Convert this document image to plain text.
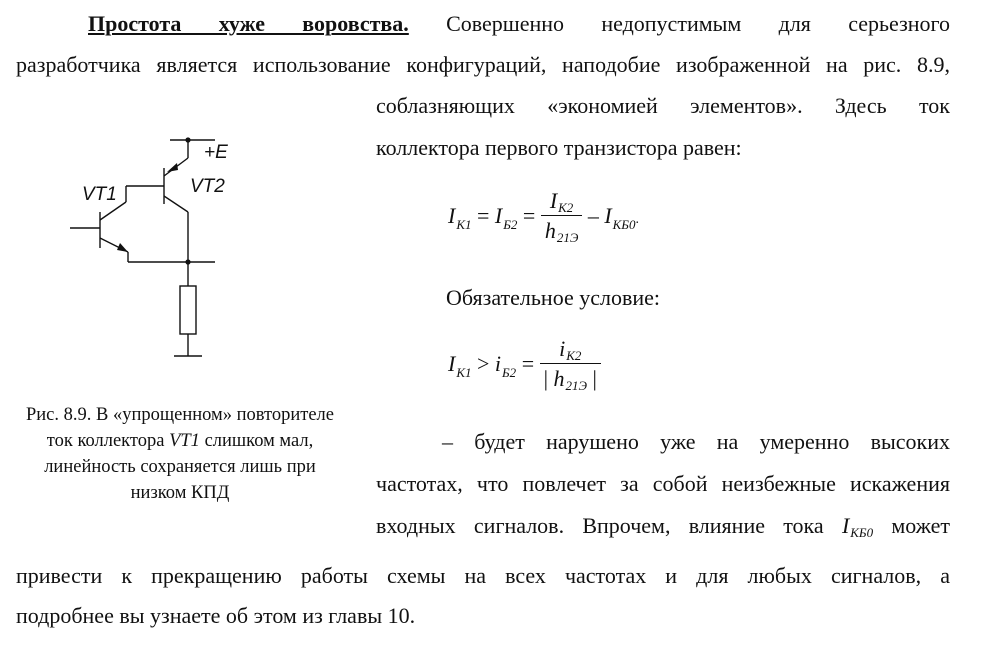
Простота хуже воровства. Совершенно недопустимым для серьезного
разработчика является использование конфигураций, наподобие изображенной на рис. 8.9,
соблазняющих «экономией элементов». Здесь ток
коллектора первого транзистора равен:
$I_{К1} = I_{Б2} = \frac{IK2}{h21Э} - I_{КБ0}$.
Обязательное условие:
$I_{К1} > i_{Б2} = \frac{iK2}{| h21Э |}$
– будет нарушено уже на умеренно высоких
частотах, что повлечет за собой неизбежные искажения
входных сигналов. Впрочем, влияние тока IКБ0 может
привести к прекращению работы схемы на всех частотах и для любых сигналов, а
подробнее вы узнаете об этом из главы 10.
+E
VT1	VT2
Рис. 8.9. В «упрощенном» повторителе
ток коллектора VT1 слишком мал,
линейность сохраняется лишь при
низком КПД
